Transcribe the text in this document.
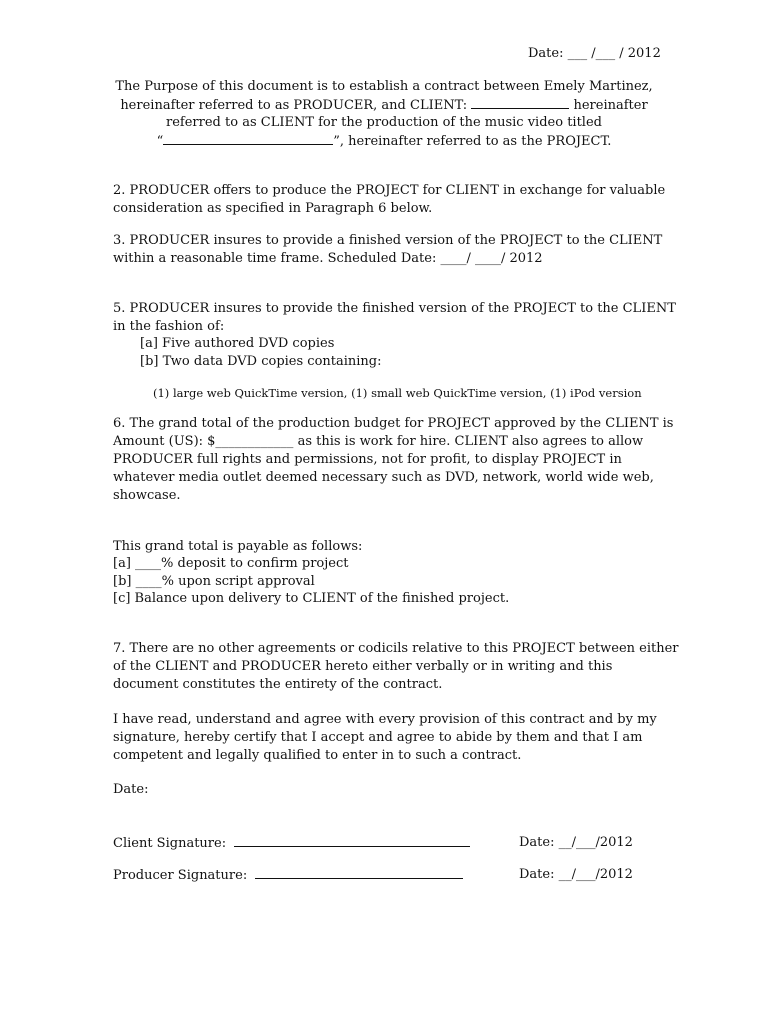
Date: ___ /___ / 2012
The Purpose of this document is to establish a contract between Emely Martinez,
hereinafter referred to as PRODUCER, and CLIENT:	hereinafter
referred to as CLIENT for the production of the music video titled
“	”, hereinafter referred to as the PROJECT.
2. PRODUCER offers to produce the PROJECT for CLIENT in exchange for valuable
consideration as specified in Paragraph 6 below.
3. PRODUCER insures to provide a finished version of the PROJECT to the CLIENT
within a reasonable time frame. Scheduled Date: ____/ ____/ 2012
5. PRODUCER insures to provide the finished version of the PROJECT to the CLIENT
in the fashion of:
[a] Five authored DVD copies
[b] Two data DVD copies containing:
(1) large web QuickTime version, (1) small web QuickTime version, (1) iPod version
6. The grand total of the production budget for PROJECT approved by the CLIENT is
Amount (US): $____________ as this is work for hire. CLIENT also agrees to allow
PRODUCER full rights and permissions, not for profit, to display PROJECT in
whatever media outlet deemed necessary such as DVD, network, world wide web,
showcase.
This grand total is payable as follows:
[a] ____% deposit to confirm project
[b] ____% upon script approval
[c] Balance upon delivery to CLIENT of the finished project.
7. There are no other agreements or codicils relative to this PROJECT between either
of the CLIENT and PRODUCER hereto either verbally or in writing and this
document constitutes the entirety of the contract.
I have read, understand and agree with every provision of this contract and by my
signature, hereby certify that I accept and agree to abide by them and that I am
competent and legally qualified to enter in to such a contract.
Date:
Client Signature:	Date: __/___/2012
Producer Signature:	Date: __/___/2012
